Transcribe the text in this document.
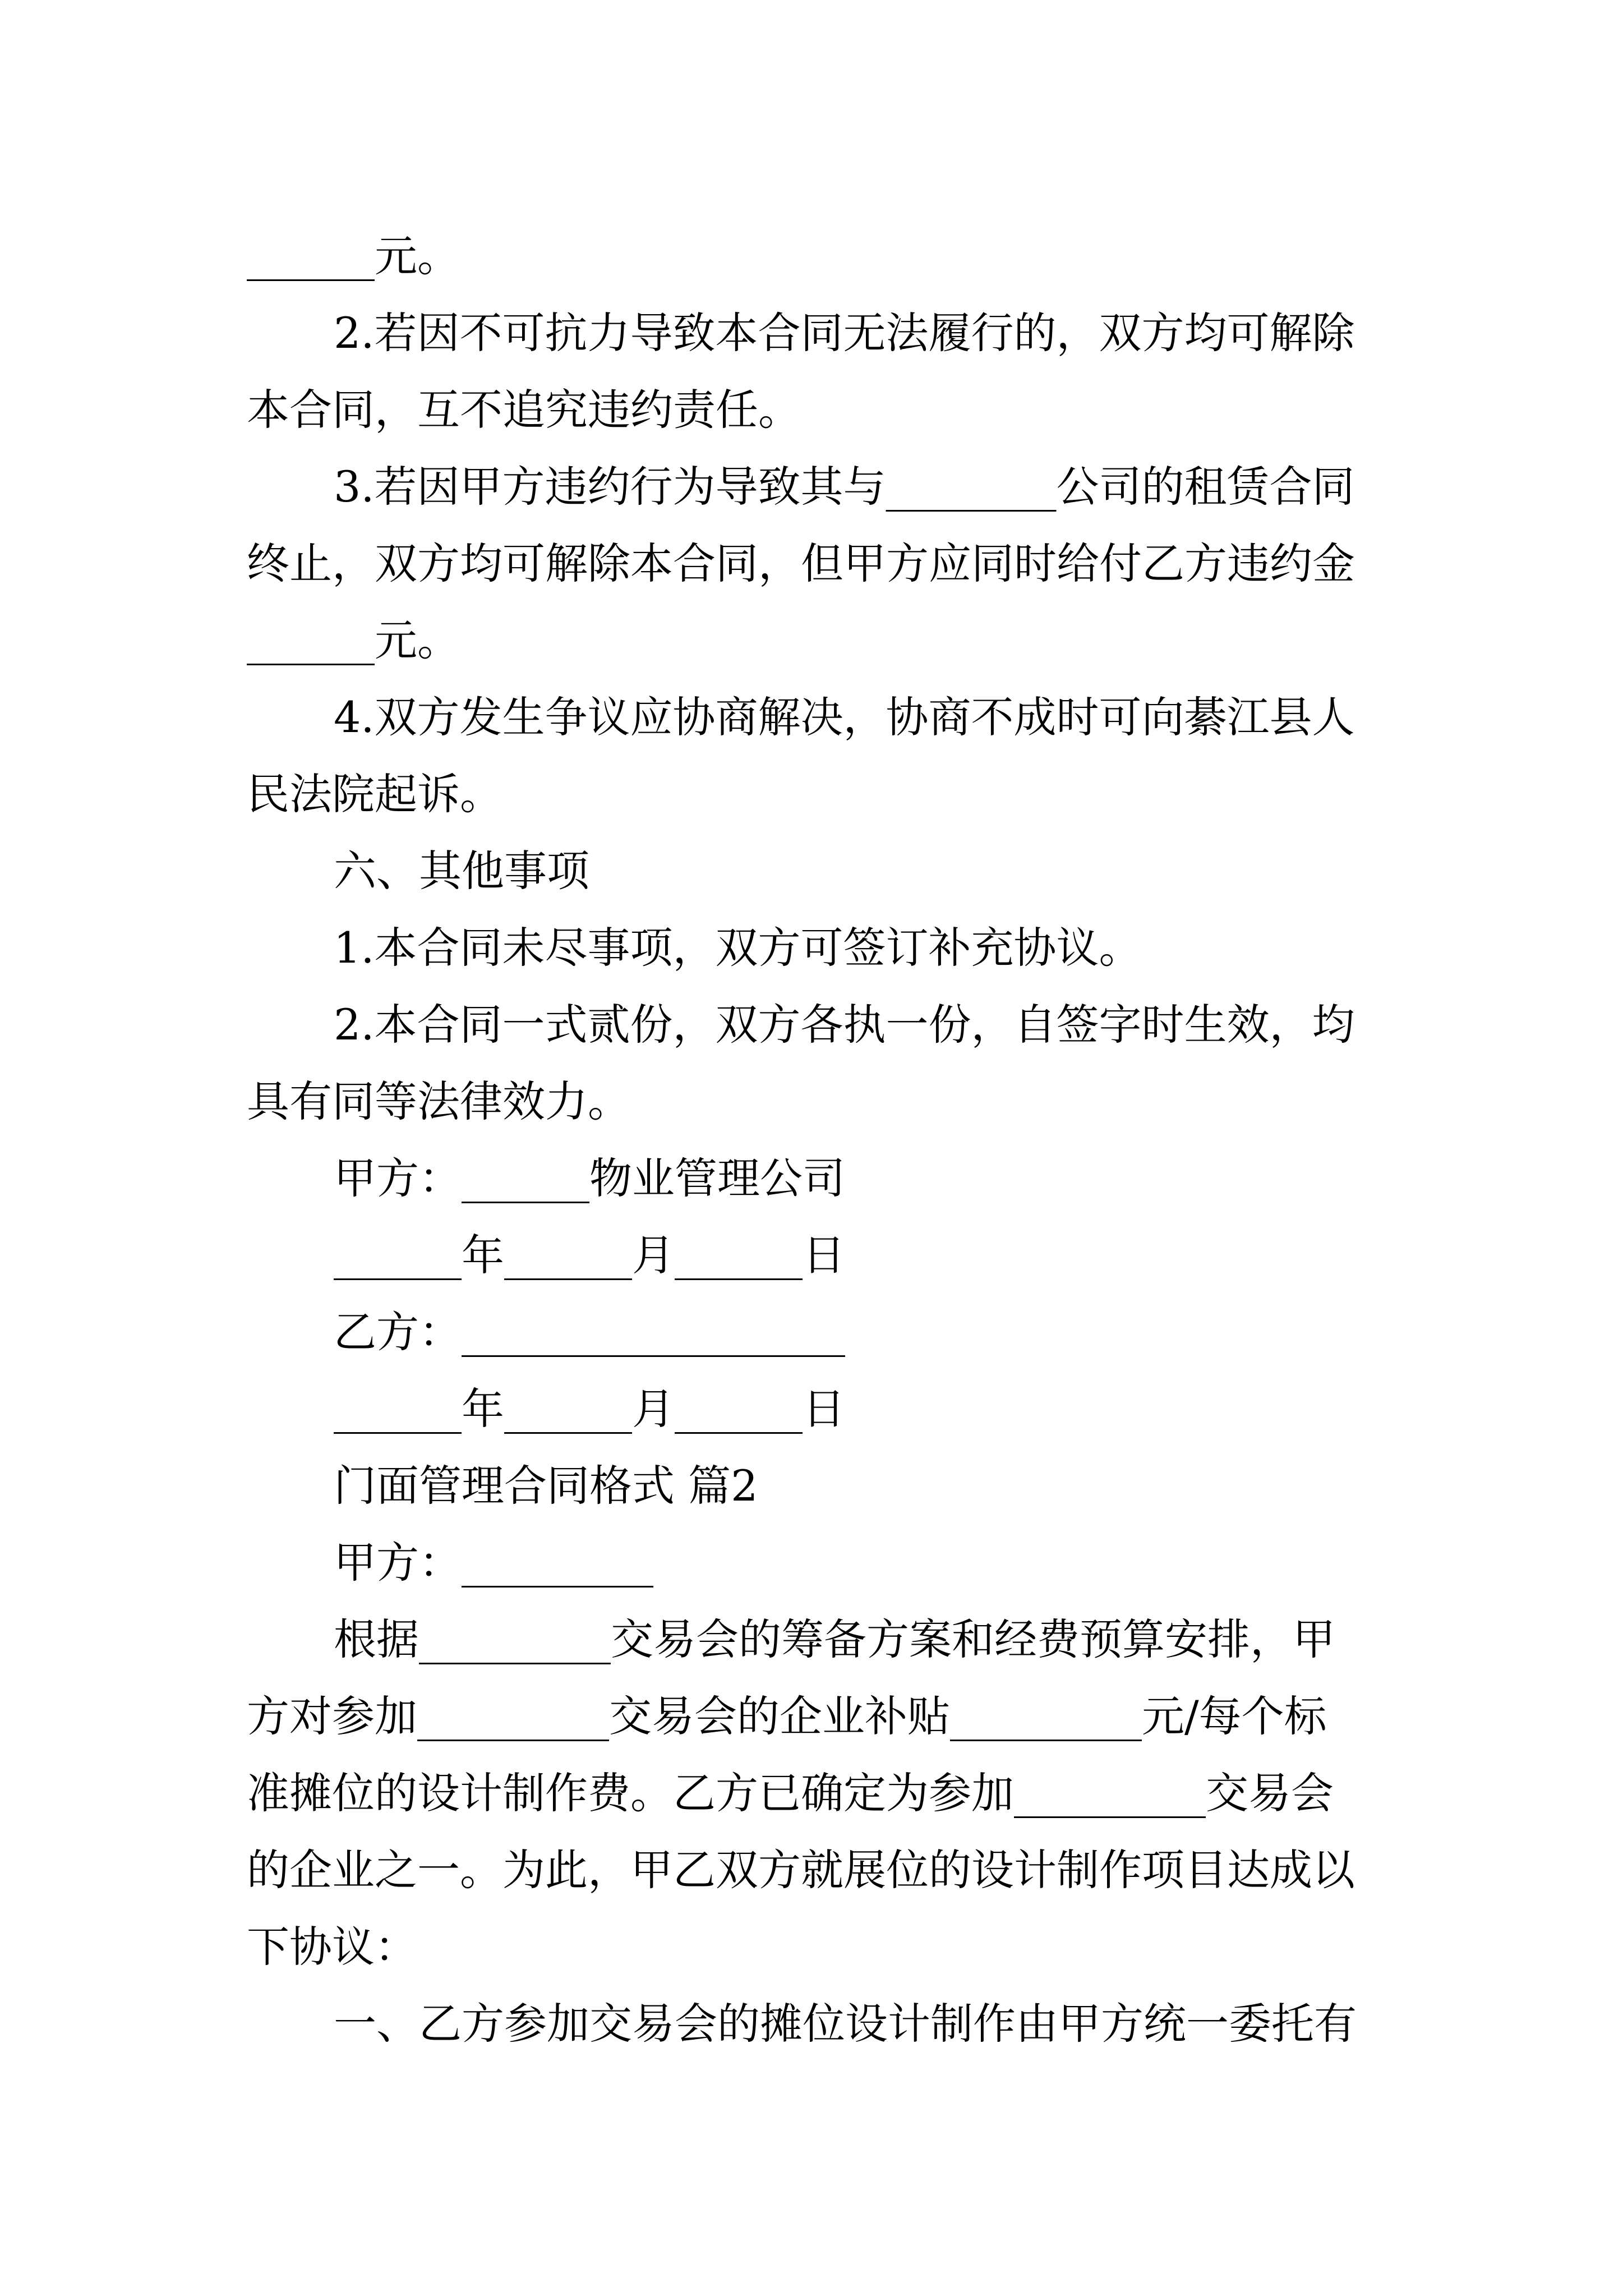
______元。
2.若因不可抗力导致本合同无法履行的，双方均可解除
本合同，互不追究违约责任。
3.若因甲方违约行为导致其与________公司的租赁合同
终止，双方均可解除本合同，但甲方应同时给付乙方违约金
______元。
4.双方发生争议应协商解决，协商不成时可向綦江县人
民法院起诉。
六、其他事项
1.本合同未尽事项，双方可签订补充协议。
2.本合同一式贰份，双方各执一份，自签字时生效，均
具有同等法律效力。
甲方：______物业管理公司
______年______月______日
乙方：__________________
______年______月______日
门面管理合同格式 篇2
甲方：_________
根据_________交易会的筹备方案和经费预算安排，甲
方对参加_________交易会的企业补贴_________元/每个标
准摊位的设计制作费。乙方已确定为参加_________交易会
的企业之一。为此，甲乙双方就展位的设计制作项目达成以
下协议：
一、乙方参加交易会的摊位设计制作由甲方统一委托有
